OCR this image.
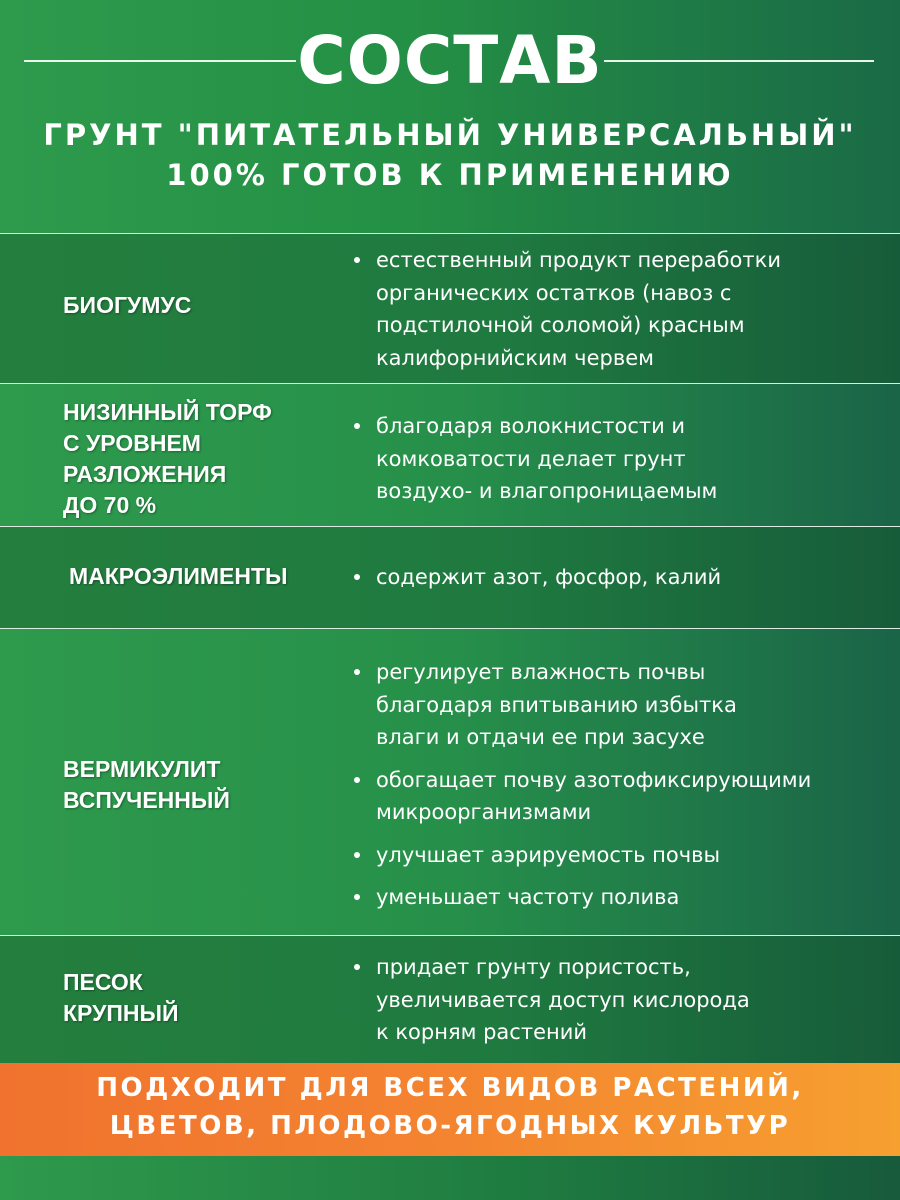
СОСТАВ
ГРУНТ "ПИТАТЕЛЬНЫЙ УНИВЕРСАЛЬНЫЙ"
100% ГОТОВ К ПРИМЕНЕНИЮ
БИОГУМУС
естественный продукт переработки
органических остатков (навоз с
подстилочной соломой) красным
калифорнийским червем
НИЗИННЫЙ ТОРФ
С УРОВНЕМ
РАЗЛОЖЕНИЯ
ДО 70 %
благодаря волокнистости и
комковатости делает грунт
воздухо- и влагопроницаемым
МАКРОЭЛИМЕНТЫ	содержит азот, фосфор, калий
ВЕРМИКУЛИТ
ВСПУЧЕННЫЙ
регулирует влажность почвы
благодаря впитыванию избытка
влаги и отдачи ее при засухе
обогащает почву азотофиксирующими
микроорганизмами
улучшает аэрируемость почвы
уменьшает частоту полива
ПЕСОК
КРУПНЫЙ
придает грунту пористость,
увеличивается доступ кислорода
к корням растений
ПОДХОДИТ ДЛЯ ВСЕХ ВИДОВ РАСТЕНИЙ,
ЦВЕТОВ, ПЛОДОВО-ЯГОДНЫХ КУЛЬТУР
